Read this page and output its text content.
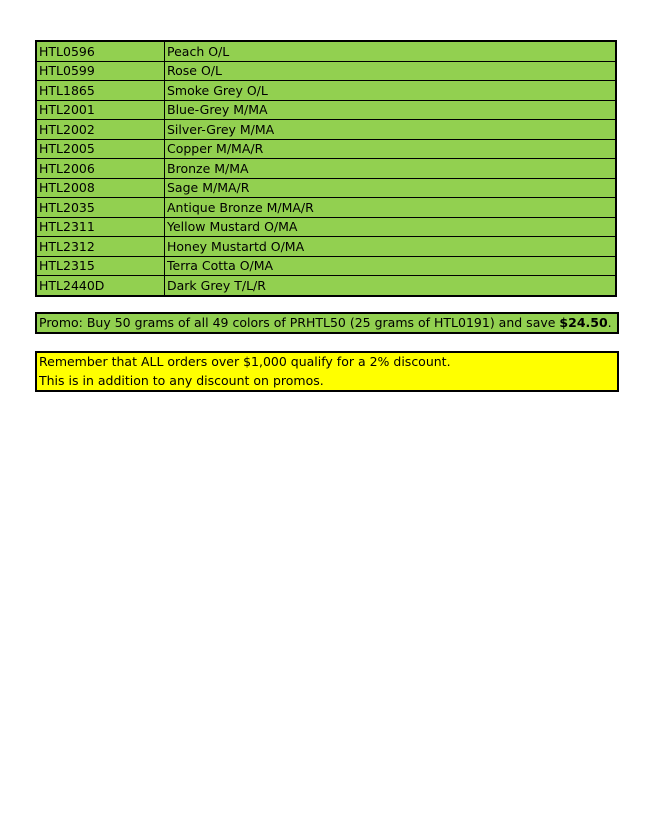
HTL0596	Peach O/L
HTL0599	Rose O/L
HTL1865	Smoke Grey O/L
HTL2001	Blue-Grey M/MA
HTL2002	Silver-Grey M/MA
HTL2005	Copper M/MA/R
HTL2006	Bronze M/MA
HTL2008	Sage M/MA/R
HTL2035	Antique Bronze M/MA/R
HTL2311	Yellow Mustard O/MA
HTL2312	Honey Mustartd O/MA
HTL2315	Terra Cotta O/MA
HTL2440D	Dark Grey T/L/R
Promo: Buy 50 grams of all 49 colors of PRHTL50 (25 grams of HTL0191) and save $24.50.
Remember that ALL orders over $1,000 qualify for a 2% discount.
This is in addition to any discount on promos.
